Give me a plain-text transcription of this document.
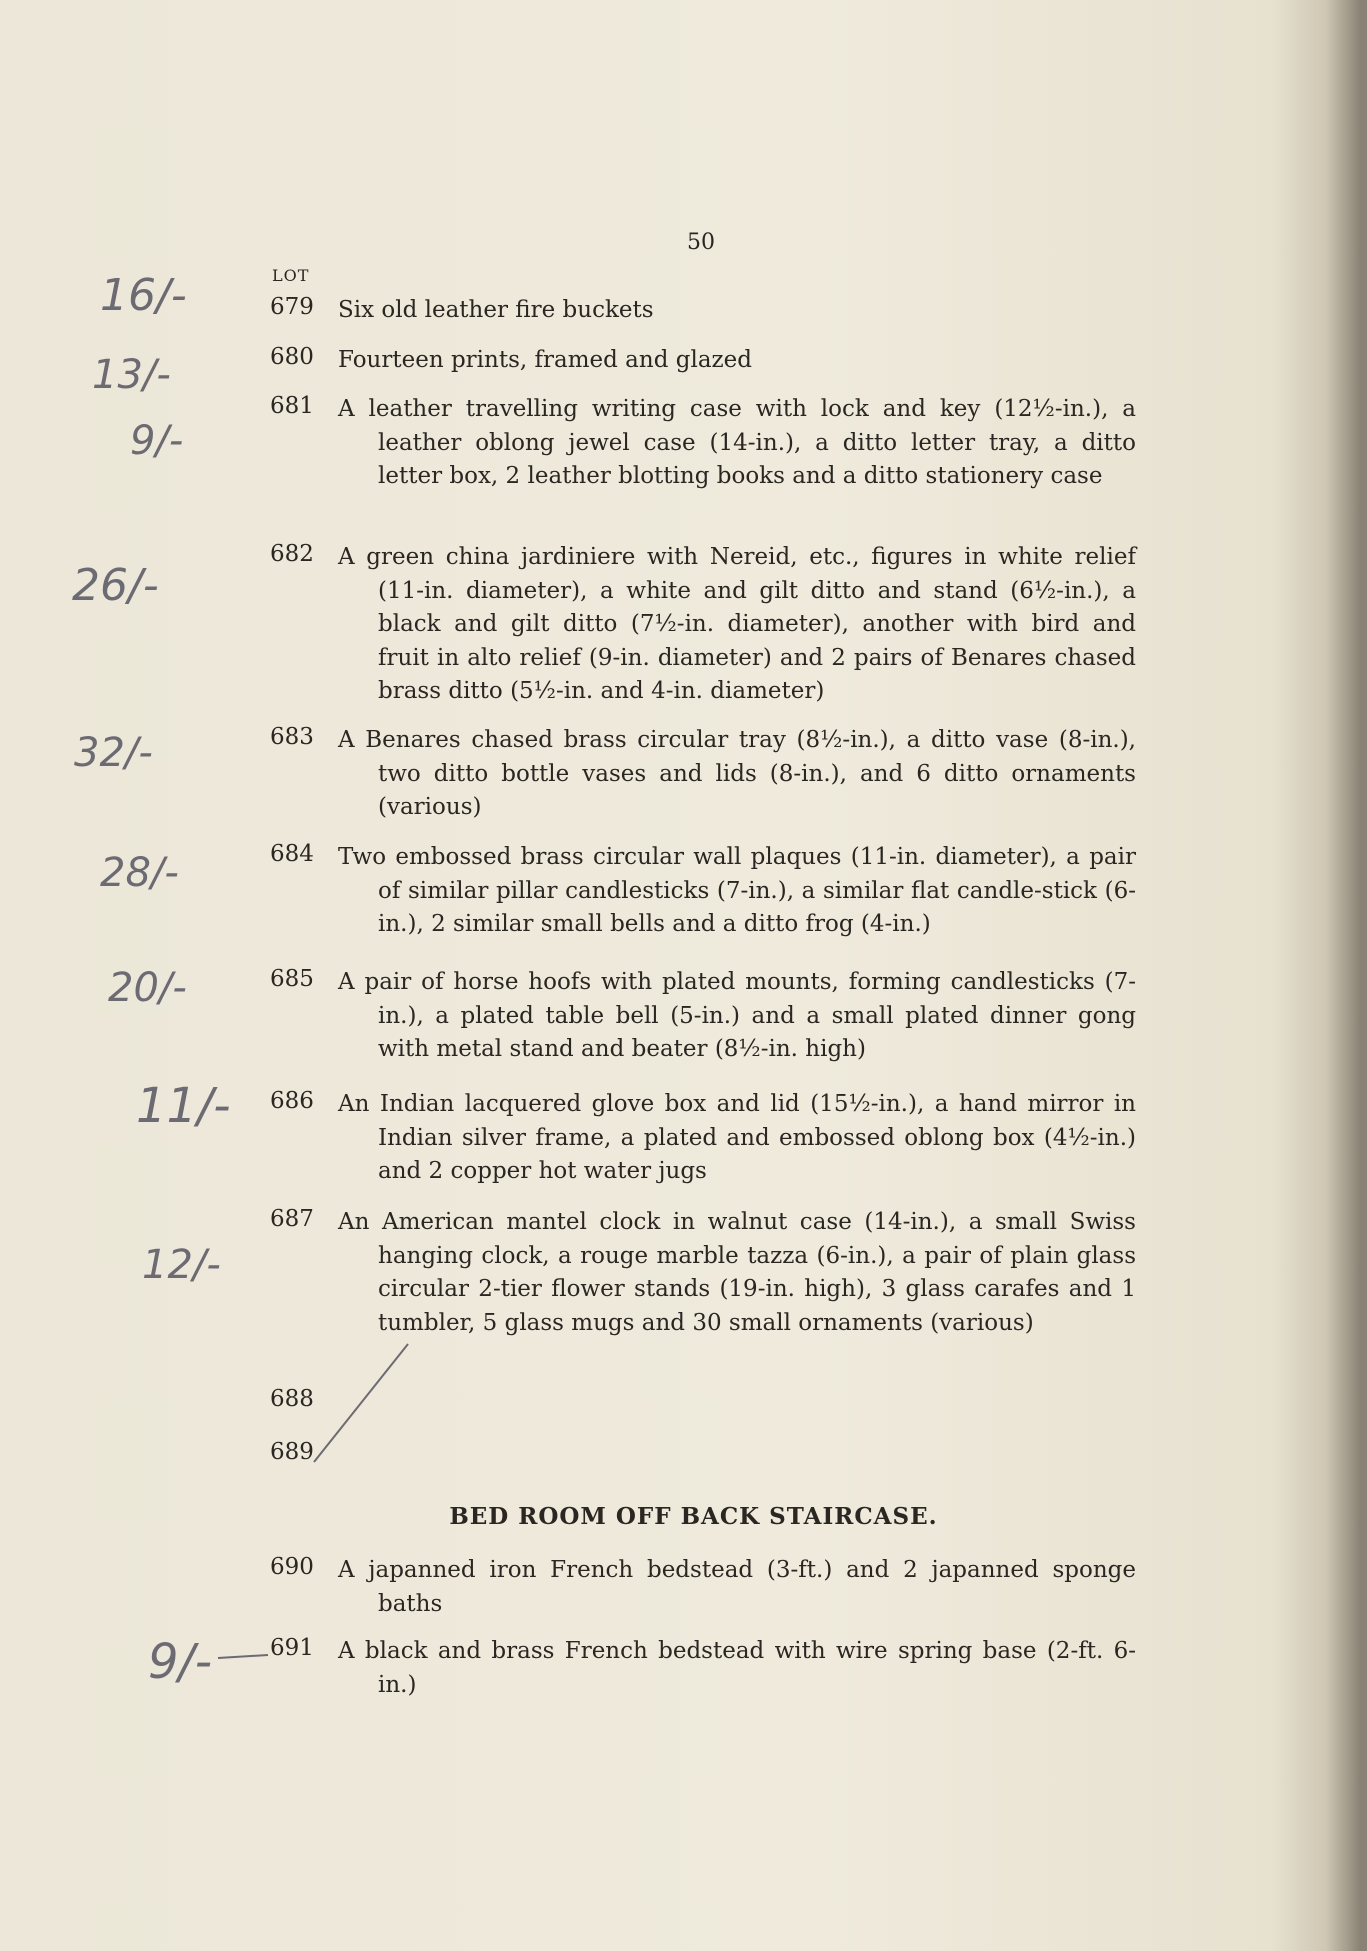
50
LOT
679 Six old leather fire buckets
680 Fourteen prints, framed and glazed
681 A leather travelling writing case with lock and key (12½-in.), a leather oblong jewel case (14-in.), a ditto letter tray, a ditto letter box, 2 leather blotting books and a ditto stationery case
682 A green china jardiniere with Nereid, etc., figures in white relief (11-in. diameter), a white and gilt ditto and stand (6½-in.), a black and gilt ditto (7½-in. diameter), another with bird and fruit in alto relief (9-in. diameter) and 2 pairs of Benares chased brass ditto (5½-in. and 4-in. diameter)
683 A Benares chased brass circular tray (8½-in.), a ditto vase (8-in.), two ditto bottle vases and lids (8-in.), and 6 ditto ornaments (various)
684 Two embossed brass circular wall plaques (11-in. diameter), a pair of similar pillar candlesticks (7-in.), a similar flat candle-stick (6-in.), 2 similar small bells and a ditto frog (4-in.)
685 A pair of horse hoofs with plated mounts, forming candlesticks (7-in.), a plated table bell (5-in.) and a small plated dinner gong with metal stand and beater (8½-in. high)
686 An Indian lacquered glove box and lid (15½-in.), a hand mirror in Indian silver frame, a plated and embossed oblong box (4½-in.) and 2 copper hot water jugs
687 An American mantel clock in walnut case (14-in.), a small Swiss hanging clock, a rouge marble tazza (6-in.), a pair of plain glass circular 2-tier flower stands (19-in. high), 3 glass carafes and 1 tumbler, 5 glass mugs and 30 small ornaments (various)
688
689
BED ROOM OFF BACK STAIRCASE.
690 A japanned iron French bedstead (3-ft.) and 2 japanned sponge baths
691 A black and brass French bedstead with wire spring base (2-ft. 6-in.)
16/-
13/-
9/-
26/-
32/-
28/-
20/-
11/-
12/-
9/-
